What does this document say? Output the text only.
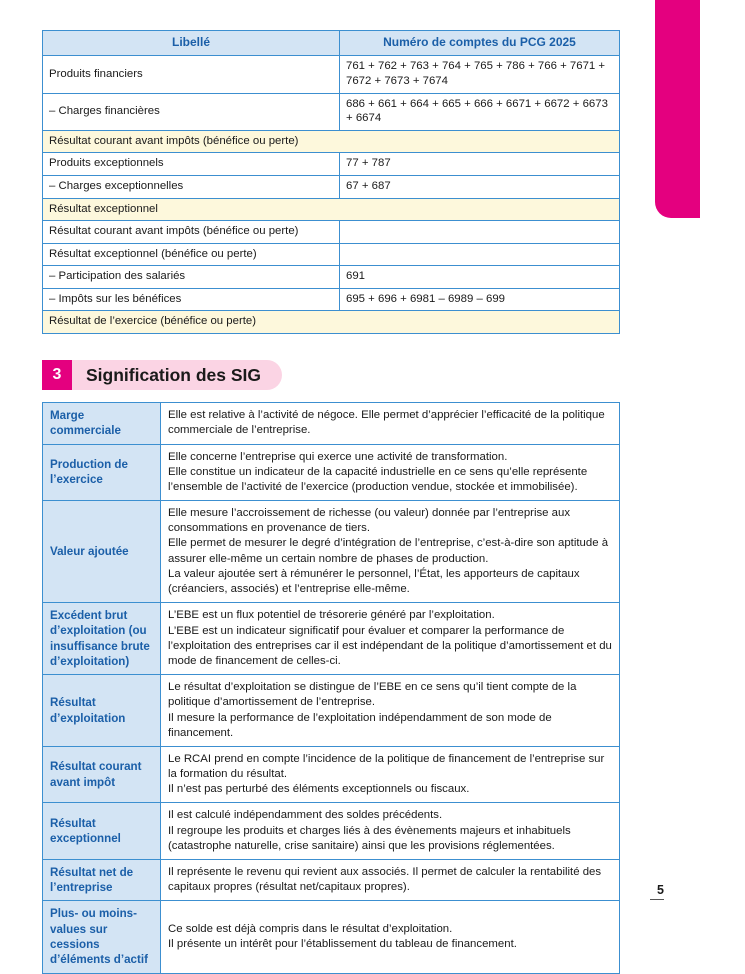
ANALYSE DE L’ACTIVITÉ
Libellé	Numéro de comptes du PCG 2025
Produits financiers	761 + 762 + 763 + 764 + 765 + 786 + 766 + 7671 + 7672 + 7673 + 7674
– Charges financières	686 + 661 + 664 + 665 + 666 + 6671 + 6672 + 6673 + 6674
Résultat courant avant impôts (bénéfice ou perte)	
Produits exceptionnels	77 + 787
– Charges exceptionnelles	67 + 687
Résultat exceptionnel	
Résultat courant avant impôts (bénéfice ou perte)	
Résultat exceptionnel (bénéfice ou perte)	
– Participation des salariés	691
– Impôts sur les bénéfices	695 + 696 + 6981 – 6989 – 699
Résultat de l’exercice (bénéfice ou perte)	
3	Signification des SIG
Marge commerciale	Elle est relative à l’activité de négoce. Elle permet d’apprécier l’efficacité de la politique commerciale de l’entreprise.
Production de l’exercice	Elle concerne l’entreprise qui exerce une activité de transformation.
Elle constitue un indicateur de la capacité industrielle en ce sens qu’elle représente l’ensemble de l’activité de l’exercice (production vendue, stockée et immobilisée).
Valeur ajoutée	Elle mesure l’accroissement de richesse (ou valeur) donnée par l’entreprise aux consommations en provenance de tiers.
Elle permet de mesurer le degré d’intégration de l’entreprise, c’est-à-dire son aptitude à assurer elle-même un certain nombre de phases de production.
La valeur ajoutée sert à rémunérer le personnel, l’État, les apporteurs de capitaux (créanciers, associés) et l’entreprise elle-même.
Excédent brut d’exploitation (ou insuffisance brute d’exploitation)	L’EBE est un flux potentiel de trésorerie généré par l’exploitation.
L’EBE est un indicateur significatif pour évaluer et comparer la performance de l’exploitation des entreprises car il est indépendant de la politique d’amortissement et du mode de financement de celles-ci.
Résultat d’exploitation	Le résultat d’exploitation se distingue de l’EBE en ce sens qu’il tient compte de la politique d’amortissement de l’entreprise.
Il mesure la performance de l’exploitation indépendamment de son mode de financement.
Résultat courant avant impôt	Le RCAI prend en compte l’incidence de la politique de financement de l’entreprise sur la formation du résultat.
Il n’est pas perturbé des éléments exceptionnels ou fiscaux.
Résultat exceptionnel	Il est calculé indépendamment des soldes précédents.
Il regroupe les produits et charges liés à des évènements majeurs et inhabituels (catastrophe naturelle, crise sanitaire) ainsi que les provisions réglementées.
Résultat net de l’entreprise	Il représente le revenu qui revient aux associés. Il permet de calculer la rentabilité des capitaux propres (résultat net/capitaux propres).
Plus- ou moins-values sur cessions d’éléments d’actif	Ce solde est déjà compris dans le résultat d’exploitation.
Il présente un intérêt pour l’établissement du tableau de financement.
5
